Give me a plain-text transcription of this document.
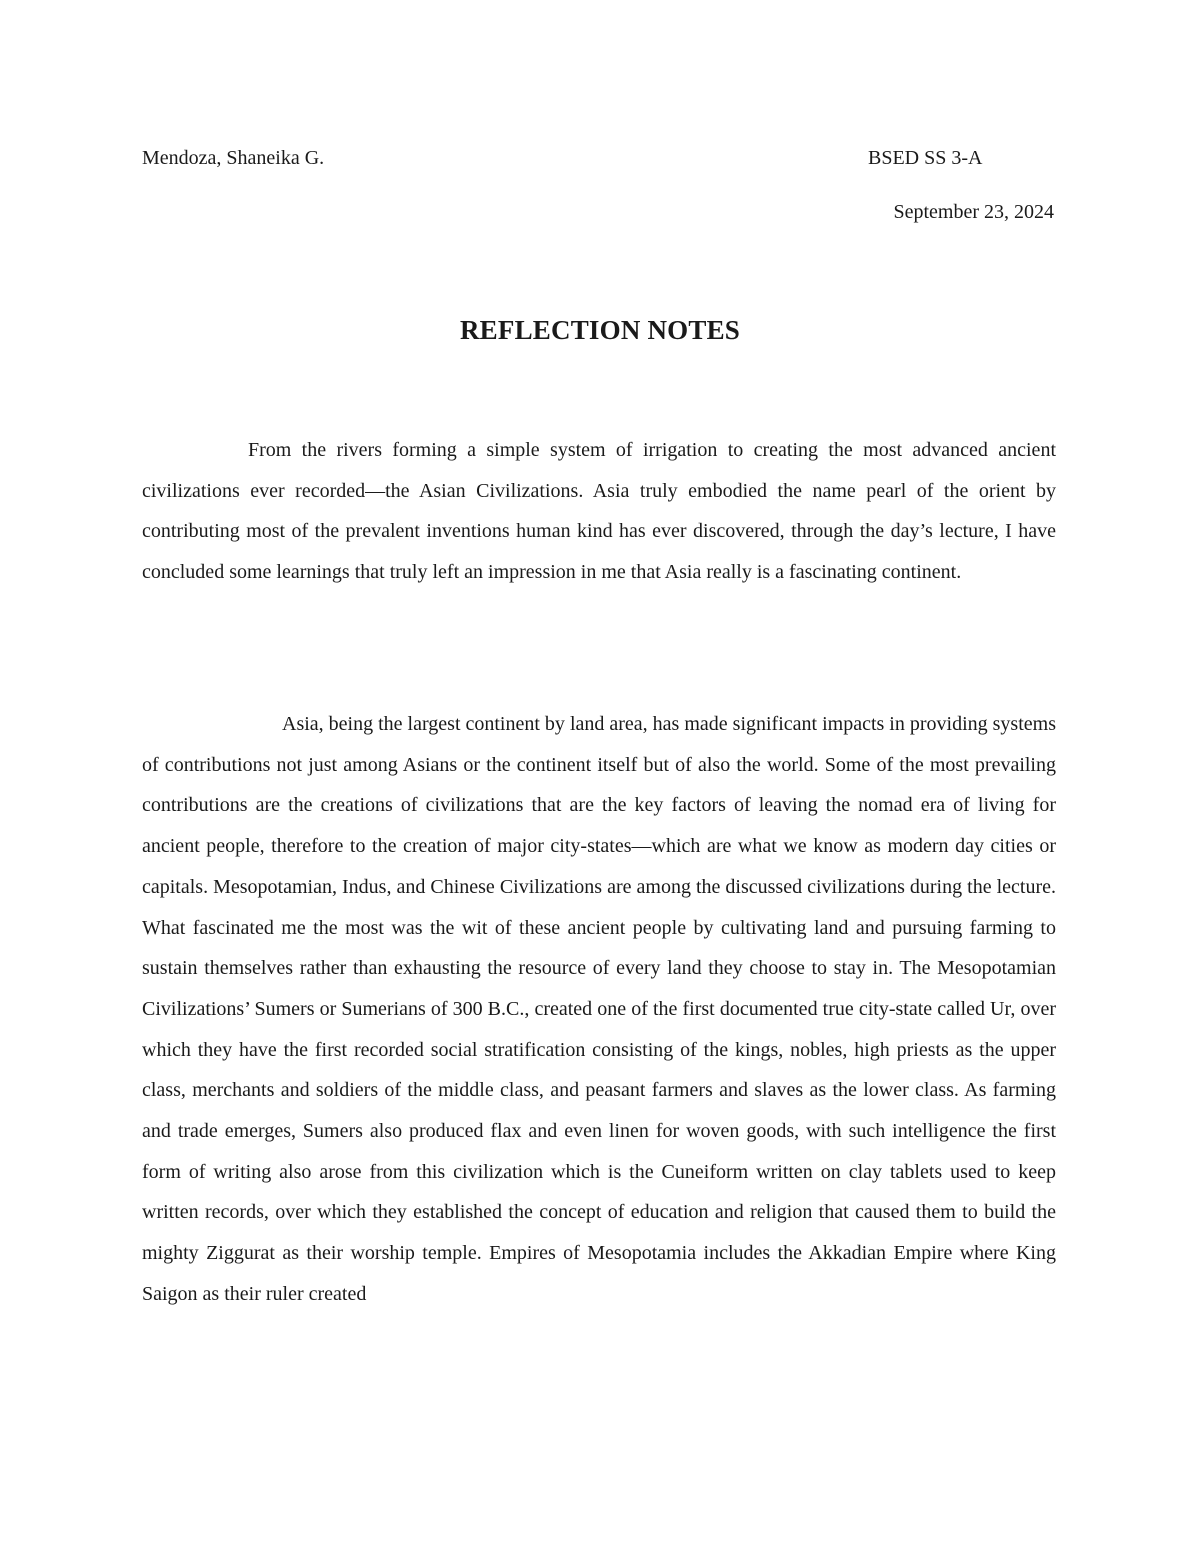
Mendoza, Shaneika G.	BSED SS 3-A
September 23, 2024
REFLECTION NOTES

From the rivers forming a simple system of irrigation to creating the most advanced ancient civilizations ever recorded—the Asian Civilizations. Asia truly embodied the name pearl of the orient by contributing most of the prevalent inventions human kind has ever discovered, through the day’s lecture, I have concluded some learnings that truly left an impression in me that Asia really is a fascinating continent.

Asia, being the largest continent by land area, has made significant impacts in providing systems of contributions not just among Asians or the continent itself but of also the world. Some of the most prevailing contributions are the creations of civilizations that are the key factors of leaving the nomad era of living for ancient people, therefore to the creation of major city-states—which are what we know as modern day cities or capitals. Mesopotamian, Indus, and Chinese Civilizations are among the discussed civilizations during the lecture. What fascinated me the most was the wit of these ancient people by cultivating land and pursuing farming to sustain themselves rather than exhausting the resource of every land they choose to stay in. The Mesopotamian Civilizations’ Sumers or Sumerians of 300 B.C., created one of the first documented true city-state called Ur, over which they have the first recorded social stratification consisting of the kings, nobles, high priests as the upper class, merchants and soldiers of the middle class, and peasant farmers and slaves as the lower class. As farming and trade emerges, Sumers also produced flax and even linen for woven goods, with such intelligence the first form of writing also arose from this civilization which is the Cuneiform written on clay tablets used to keep written records, over which they established the concept of education and religion that caused them to build the mighty Ziggurat as their worship temple. Empires of Mesopotamia includes the Akkadian Empire where King Saigon as their ruler created
